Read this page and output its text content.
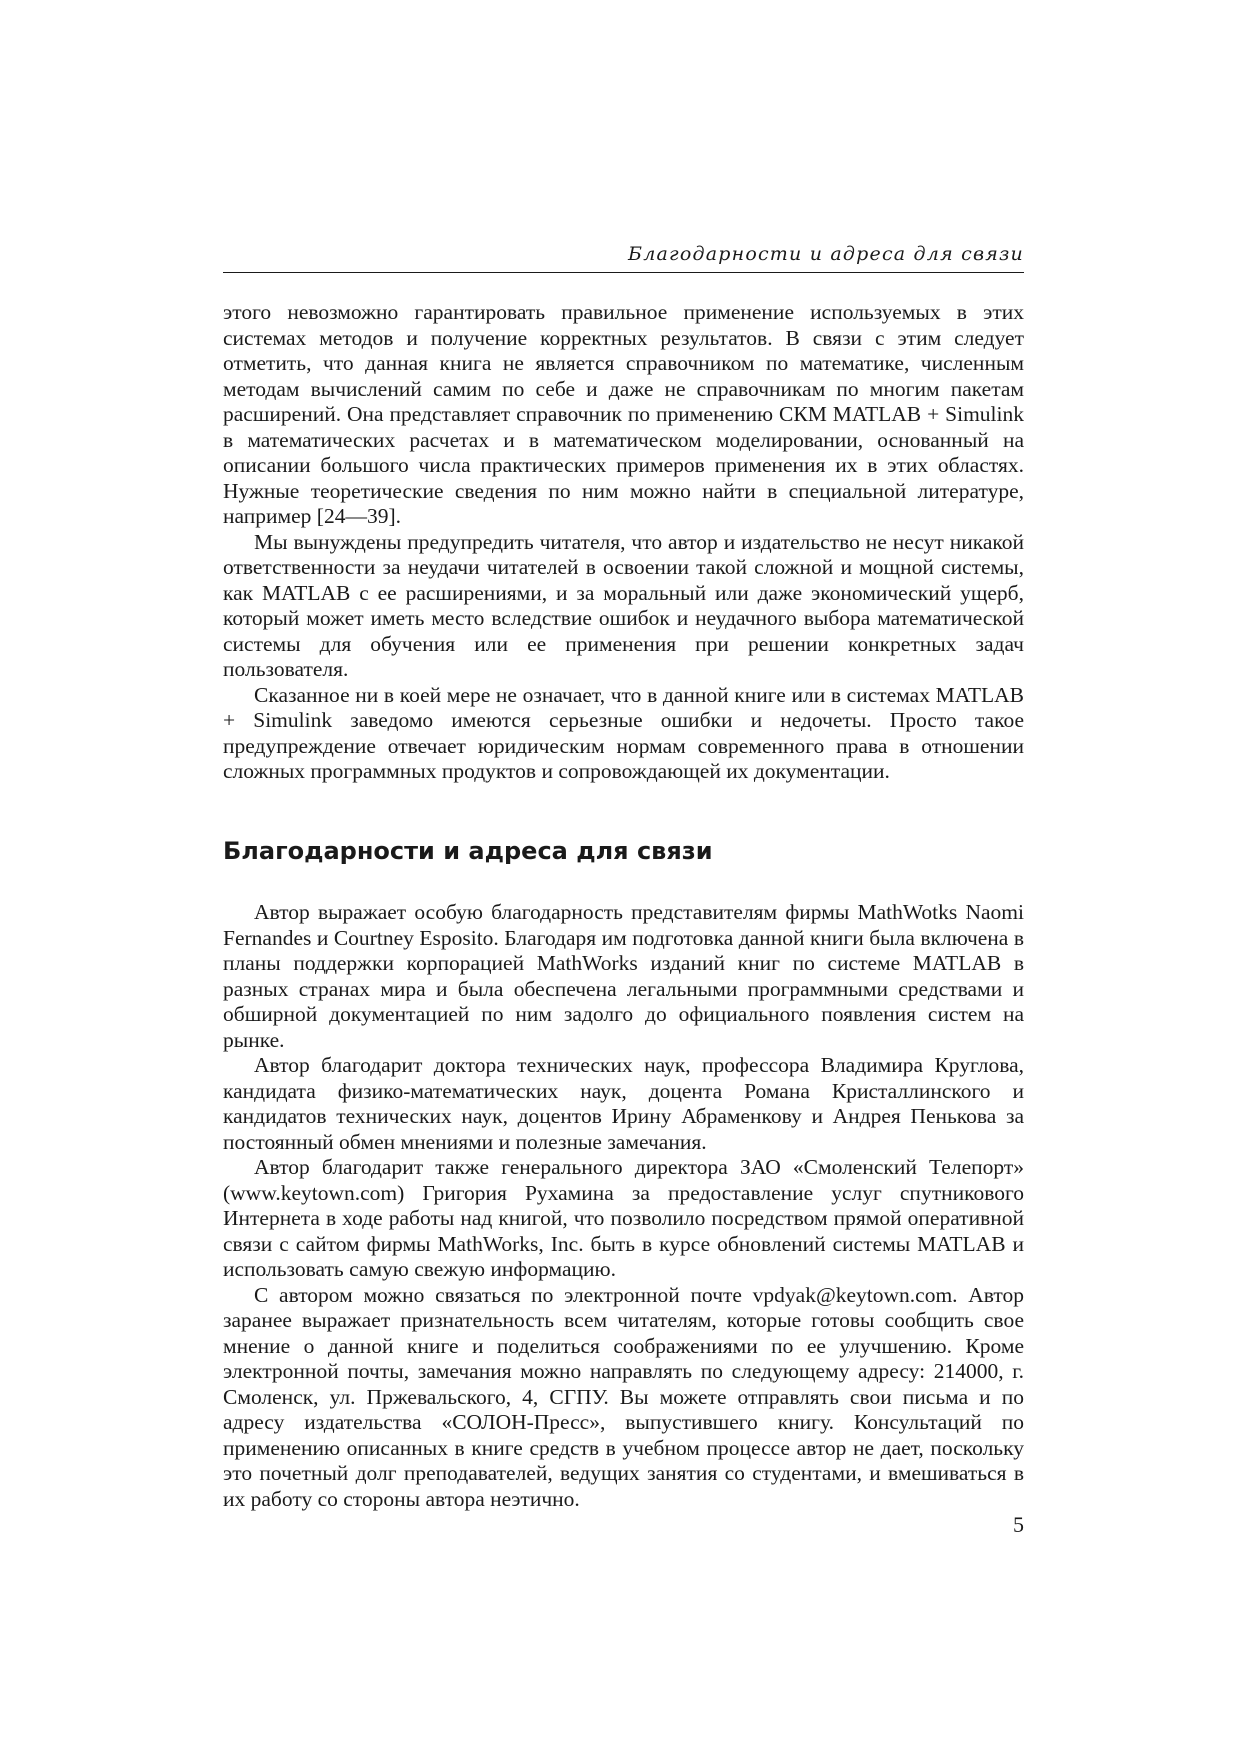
Благодарности и адреса для связи

этого невозможно гарантировать правильное применение используемых в этих системах методов и получение корректных результатов. В связи с этим следует отметить, что данная книга не является справочником по математике, численным методам вычислений самим по себе и даже не справочникам по многим пакетам расширений. Она представляет справочник по применению СКМ MATLAB + Simulink в математических расчетах и в математическом моделировании, основанный на описании большого числа практических примеров применения их в этих областях. Нужные теоретические сведения по ним можно найти в специальной литературе, например [24—39].

Мы вынуждены предупредить читателя, что автор и издательство не несут никакой ответственности за неудачи читателей в освоении такой сложной и мощной системы, как MATLAB с ее расширениями, и за моральный или даже экономический ущерб, который может иметь место вследствие ошибок и неудачного выбора математической системы для обучения или ее применения при решении конкретных задач пользователя.

Сказанное ни в коей мере не означает, что в данной книге или в системах MATLAB + Simulink заведомо имеются серьезные ошибки и недочеты. Просто такое предупреждение отвечает юридическим нормам современного права в отношении сложных программных продуктов и сопровождающей их документации.

Благодарности и адреса для связи

Автор выражает особую благодарность представителям фирмы MathWotks Naomi Fernandes и Courtney Esposito. Благодаря им подготовка данной книги была включена в планы поддержки корпорацией MathWorks изданий книг по системе MATLAB в разных странах мира и была обеспечена легальными программными средствами и обширной документацией по ним задолго до официального появления систем на рынке.

Автор благодарит доктора технических наук, профессора Владимира Круглова, кандидата физико-математических наук, доцента Романа Кристаллинского и кандидатов технических наук, доцентов Ирину Абраменкову и Андрея Пенькова за постоянный обмен мнениями и полезные замечания.

Автор благодарит также генерального директора ЗАО «Смоленский Телепорт» (www.keytown.com) Григория Рухамина за предоставление услуг спутникового Интернета в ходе работы над книгой, что позволило посредством прямой оперативной связи с сайтом фирмы MathWorks, Inc. быть в курсе обновлений системы MATLAB и использовать самую свежую информацию.

С автором можно связаться по электронной почте vpdyak@keytown.com. Автор заранее выражает признательность всем читателям, которые готовы сообщить свое мнение о данной книге и поделиться соображениями по ее улучшению. Кроме электронной почты, замечания можно направлять по следующему адресу: 214000, г. Смоленск, ул. Пржевальского, 4, СГПУ. Вы можете отправлять свои письма и по адресу издательства «СОЛОН-Пресс», выпустившего книгу. Консультаций по применению описанных в книге средств в учебном процессе автор не дает, поскольку это почетный долг преподавателей, ведущих занятия со студентами, и вмешиваться в их работу со стороны автора неэтично.

5
